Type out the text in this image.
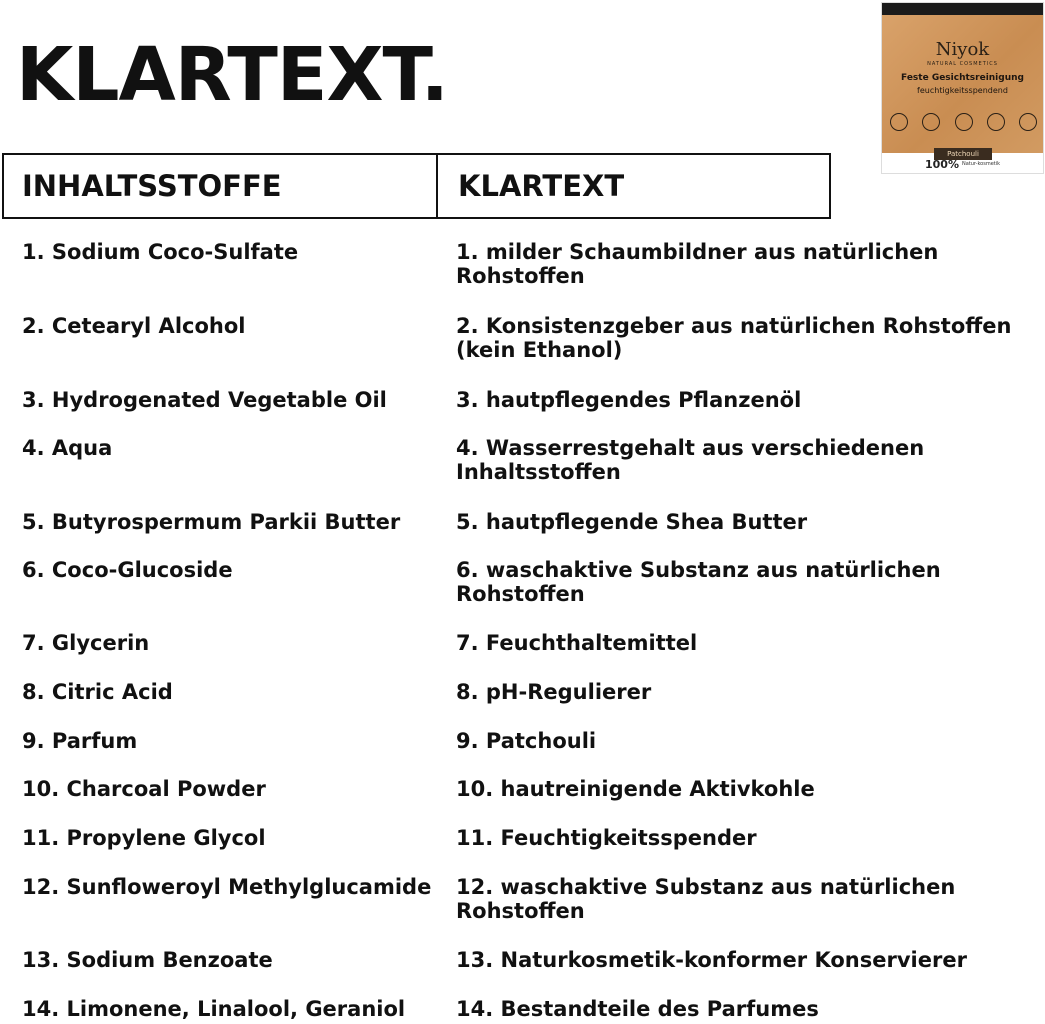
KLARTEXT.
INHALTSSTOFFE	KLARTEXT
1. Sodium Coco-Sulfate	1. milder Schaumbildner aus natürlichen Rohstoffen
2. Cetearyl Alcohol	2. Konsistenzgeber aus natürlichen Rohstoffen (kein Ethanol)
3. Hydrogenated Vegetable Oil	3. hautpflegendes Pflanzenöl
4. Aqua	4. Wasserrestgehalt aus verschiedenen Inhaltsstoffen
5. Butyrospermum Parkii Butter	5. hautpflegende Shea Butter
6. Coco-Glucoside	6. waschaktive Substanz aus natürlichen Rohstoffen
7. Glycerin	7. Feuchthaltemittel
8. Citric Acid	8. pH-Regulierer
9. Parfum	9. Patchouli
10. Charcoal Powder	10. hautreinigende Aktivkohle
11. Propylene Glycol	11. Feuchtigkeitsspender
12. Sunfloweroyl Methylglucamide 12. waschaktive Substanz aus natürlichen Rohstoffen
13. Sodium Benzoate	13. Naturkosmetik-konformer Konservierer
14. Limonene, Linalool, Geraniol	14. Bestandteile des Parfumes
Niyok
NATURAL COSMETICS
Feste Gesichtsreinigung
feuchtigkeitsspendend
Patchouli
100% Natur-kosmetik
